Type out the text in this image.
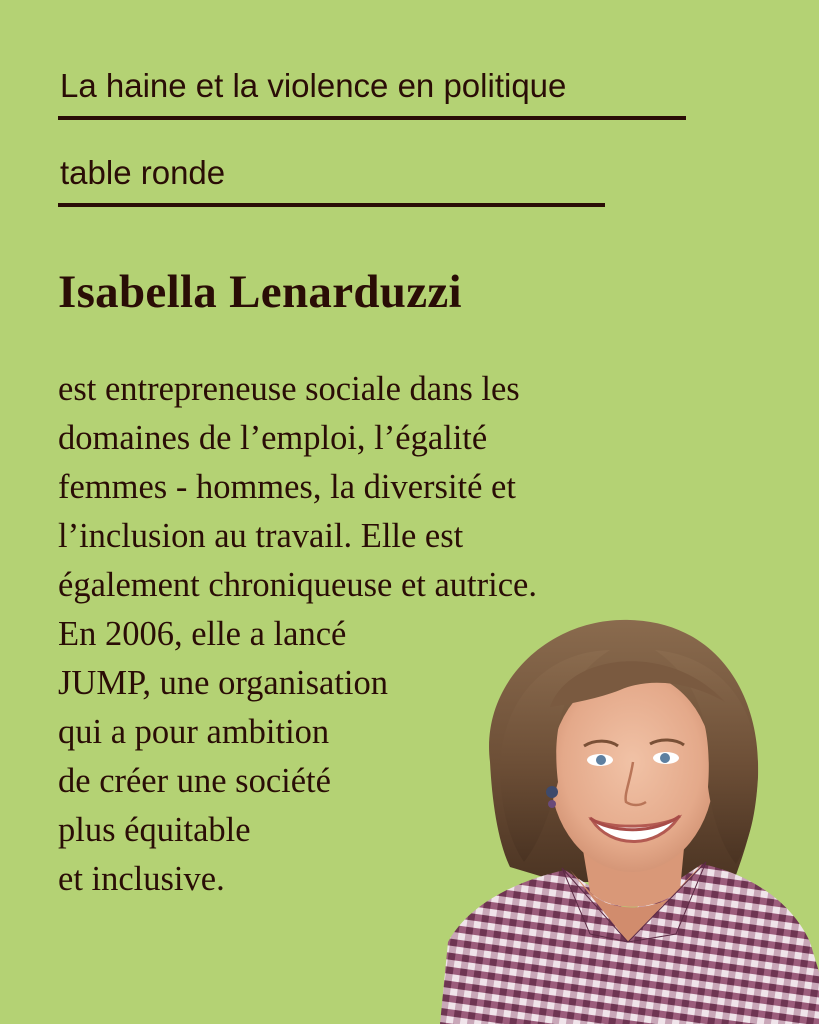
La haine et la violence en politique
table ronde
Isabella Lenarduzzi
est entrepreneuse sociale dans les
domaines de l’emploi, l’égalité
femmes - hommes, la diversité et
l’inclusion au travail. Elle est
également chroniqueuse et autrice.
En 2006, elle a lancé
JUMP, une organisation
qui a pour ambition
de créer une société
plus équitable
et inclusive.
